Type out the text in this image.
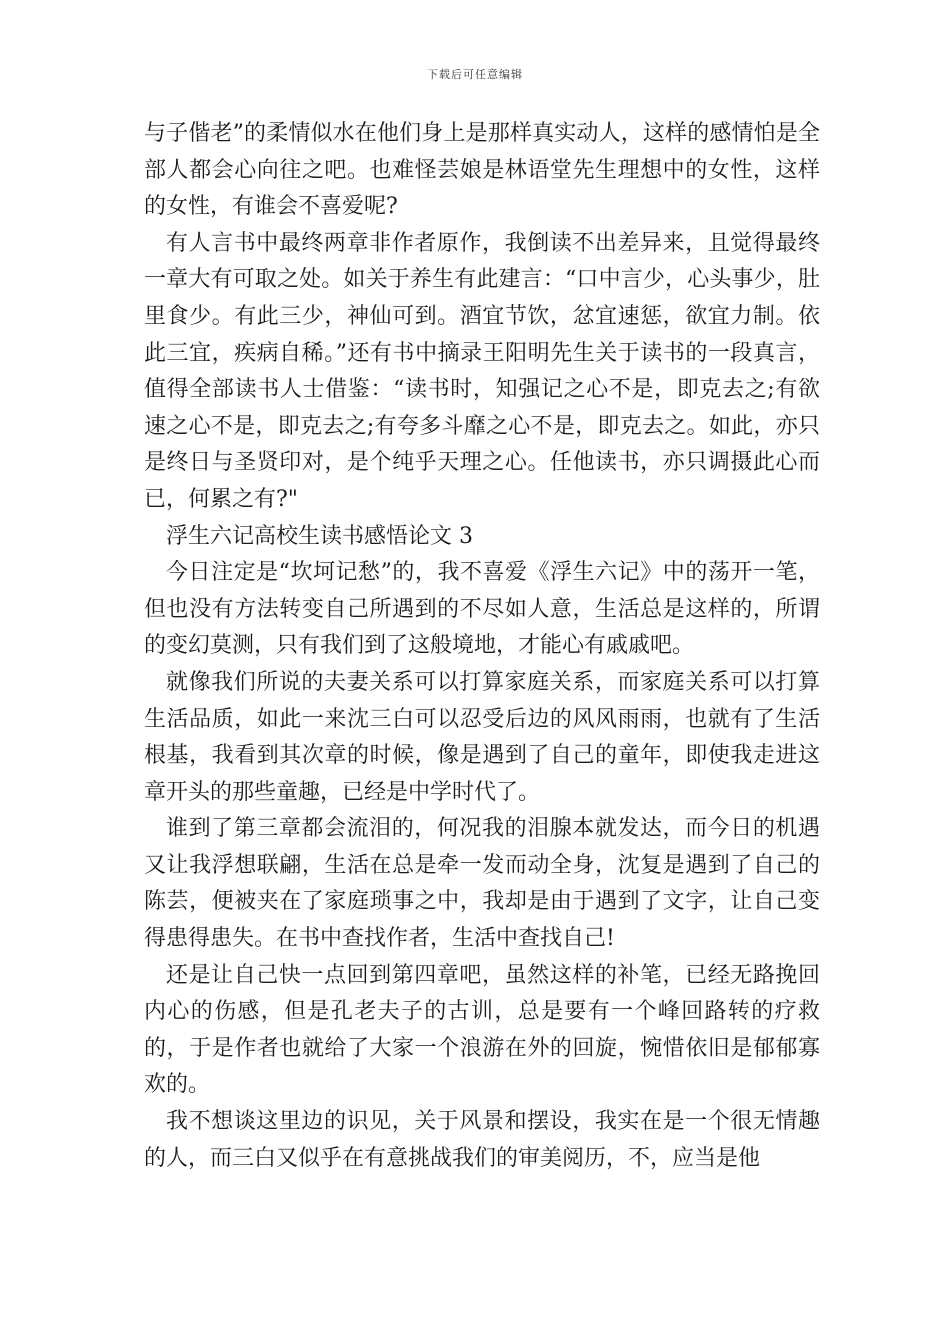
下载后可任意编辑

与子偕老”的柔情似水在他们身上是那样真实动人，这样的感情怕是全部人都会心向往之吧。也难怪芸娘是林语堂先生理想中的女性，这样的女性，有谁会不喜爱呢?

有人言书中最终两章非作者原作，我倒读不出差异来，且觉得最终一章大有可取之处。如关于养生有此建言：“口中言少，心头事少，肚里食少。有此三少，神仙可到。酒宜节饮，忿宜速惩，欲宜力制。依此三宜，疾病自稀。”还有书中摘录王阳明先生关于读书的一段真言，值得全部读书人士借鉴：“读书时，知强记之心不是，即克去之;有欲速之心不是，即克去之;有夸多斗靡之心不是，即克去之。如此，亦只是终日与圣贤印对，是个纯乎天理之心。任他读书，亦只调摄此心而已，何累之有?"

浮生六记高校生读书感悟论文 3

今日注定是“坎坷记愁”的，我不喜爱《浮生六记》中的荡开一笔，但也没有方法转变自己所遇到的不尽如人意，生活总是这样的，所谓的变幻莫测，只有我们到了这般境地，才能心有戚戚吧。

就像我们所说的夫妻关系可以打算家庭关系，而家庭关系可以打算生活品质，如此一来沈三白可以忍受后边的风风雨雨，也就有了生活根基，我看到其次章的时候，像是遇到了自己的童年，即使我走进这章开头的那些童趣，已经是中学时代了。

谁到了第三章都会流泪的，何况我的泪腺本就发达，而今日的机遇又让我浮想联翩，生活在总是牵一发而动全身，沈复是遇到了自己的陈芸，便被夹在了家庭琐事之中，我却是由于遇到了文字，让自己变得患得患失。在书中查找作者，生活中查找自己!

还是让自己快一点回到第四章吧，虽然这样的补笔，已经无路挽回内心的伤感，但是孔老夫子的古训，总是要有一个峰回路转的疗救的，于是作者也就给了大家一个浪游在外的回旋，惋惜依旧是郁郁寡欢的。

我不想谈这里边的识见，关于风景和摆设，我实在是一个很无情趣的人，而三白又似乎在有意挑战我们的审美阅历，不，应当是他
